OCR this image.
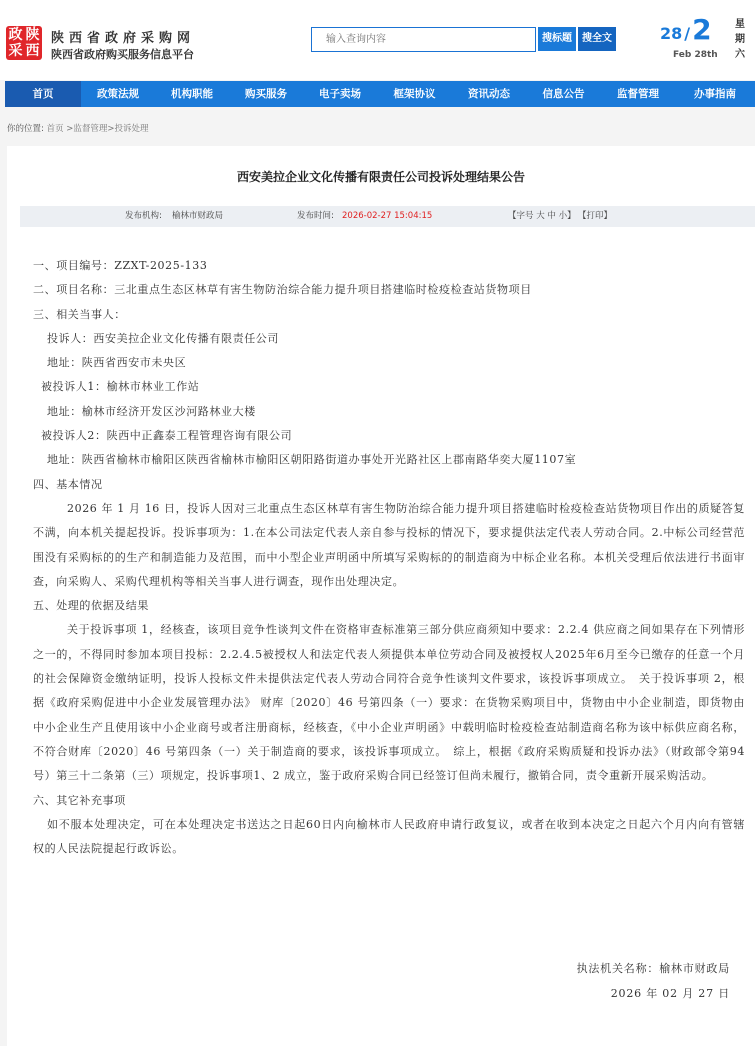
政 陕
采 西
陕西省政府采购网
陕西省政府购买服务信息平台
输入查询内容
搜标题	搜全文	28 /2
Feb 28th
星
期
六
首页	政策法规	机构职能	购买服务	电子卖场	框架协议	资讯动态	信息公告	监督管理	办事指南
你的位置: 首页 >监督管理>投诉处理
西安美拉企业文化传播有限责任公司投诉处理结果公告
发布机构: 榆林市财政局	发布时间: 2026-02-27 15:04:15	【字号 大 中 小】 【打印】
一、项目编号：ZZXT-2025-133
二、项目名称：三北重点生态区林草有害生物防治综合能力提升项目搭建临时检疫检查站货物项目
三、相关当事人：
投诉人：西安美拉企业文化传播有限责任公司
地址：陕西省西安市未央区
被投诉人1：榆林市林业工作站
地址：榆林市经济开发区沙河路林业大楼
被投诉人2：陕西中正鑫泰工程管理咨询有限公司
地址：陕西省榆林市榆阳区陕西省榆林市榆阳区朝阳路街道办事处开光路社区上郡南路华奕大厦1107室
四、基本情况
2026 年 1 月 16 日，投诉人因对三北重点生态区林草有害生物防治综合能力提升项目搭建临时检疫检查站货物项目作出的质疑答复不满，向本机关提起投诉。投诉事项为：1.在本公司法定代表人亲自参与投标的情况下，要求提供法定代表人劳动合同。2.中标公司经营范围没有采购标的的生产和制造能力及范围，而中小型企业声明函中所填写采购标的的制造商为中标企业名称。本机关受理后依法进行书面审查，向采购人、采购代理机构等相关当事人进行调查，现作出处理决定。
五、处理的依据及结果
关于投诉事项 1，经核查，该项目竞争性谈判文件在资格审查标准第三部分供应商须知中要求：2.2.4 供应商之间如果存在下列情形之一的，不得同时参加本项目投标：2.2.4.5被授权人和法定代表人须提供本单位劳动合同及被授权人2025年6月至今已缴存的任意一个月的社会保障资金缴纳证明，投诉人投标文件未提供法定代表人劳动合同符合竞争性谈判文件要求，该投诉事项成立。　关于投诉事项 2，根据《政府采购促进中小企业发展管理办法》 财库〔2020〕46 号第四条（一）要求：在货物采购项目中，货物由中小企业制造，即货物由中小企业生产且使用该中小企业商号或者注册商标，经核查，《中小企业声明函》中载明临时检疫检查站制造商名称为该中标供应商名称，不符合财库〔2020〕46 号第四条（一）关于制造商的要求，该投诉事项成立。　综上，根据《政府采购质疑和投诉办法》（财政部令第94号）第三十二条第（三）项规定，投诉事项1、2 成立，鉴于政府采购合同已经签订但尚未履行，撤销合同，责令重新开展采购活动。
六、其它补充事项
如不服本处理决定，可在本处理决定书送达之日起60日内向榆林市人民政府申请行政复议，或者在收到本决定之日起六个月内向有管辖权的人民法院提起行政诉讼。
执法机关名称：榆林市财政局
2026 年 02 月 27 日
